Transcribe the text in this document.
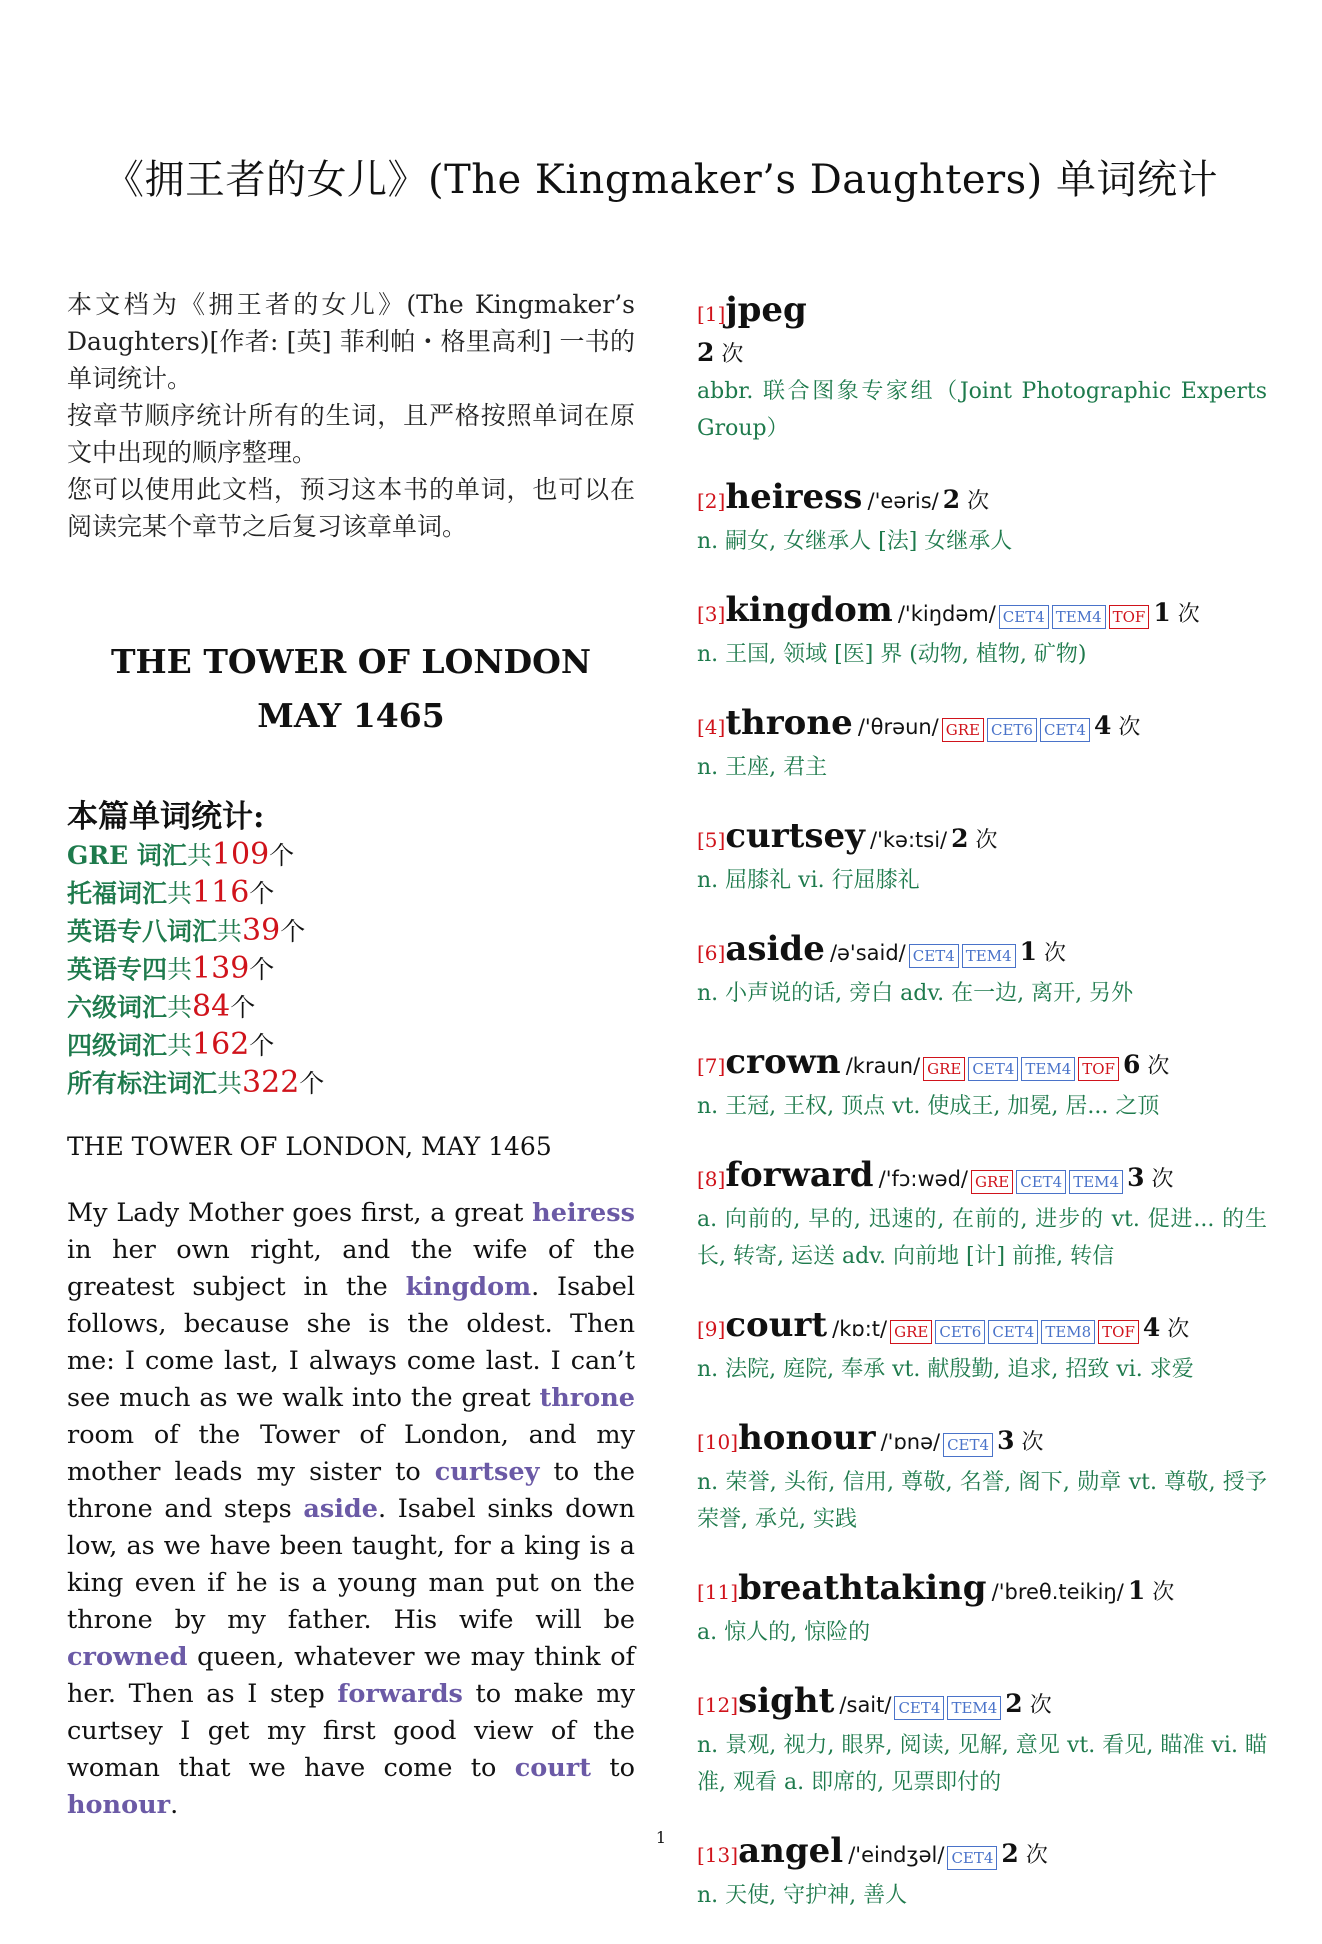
《拥王者的女儿》(The Kingmaker’s Daughters) 单词统计

本文档为《拥王者的女儿》(The Kingmaker’s Daughters)[作者: [英] 菲利帕・格里高利] 一书的单词统计。

按章节顺序统计所有的生词，且严格按照单词在原文中出现的顺序整理。

您可以使用此文档，预习这本书的单词，也可以在阅读完某个章节之后复习该章单词。

THE TOWER OF LONDON MAY 1465
本篇单词统计:
GRE 词汇共109个
托福词汇共116个
英语专八词汇共39个
英语专四共139个
六级词汇共84个
四级词汇共162个
所有标注词汇共322个
THE TOWER OF LONDON, MAY 1465
My Lady Mother goes first, a great heiress in her own right, and the wife of the greatest subject in the kingdom. Isabel follows, because she is the oldest. Then me: I come last, I always come last. I can’t see much as we walk into the great throne room of the Tower of London, and my mother leads my sister to curtsey to the throne and steps aside. Isabel sinks down low, as we have been taught, for a king is a king even if he is a young man put on the throne by my father. His wife will be crowned queen, whatever we may think of her. Then as I step forwards to make my curtsey I get my first good view of the woman that we have come to court to honour.
[1]jpeg
2 次
abbr. 联合图象专家组（Joint Photographic Experts Group）
[2]heiress /'eəris/ 2 次
n. 嗣女, 女继承人 [法] 女继承人
[3]kingdom /'kiŋdəm/ CET4 TEM4 TOF 1 次
n. 王国, 领域 [医] 界 (动物, 植物, 矿物)
[4]throne /'θrəun/ GRE CET6 CET4 4 次
n. 王座, 君主
[5]curtsey /'kə:tsi/ 2 次
n. 屈膝礼 vi. 行屈膝礼
[6]aside /ə'said/ CET4 TEM4 1 次
n. 小声说的话, 旁白 adv. 在一边, 离开, 另外
[7]crown /kraun/ GRE CET4 TEM4 TOF 6 次
n. 王冠, 王权, 顶点 vt. 使成王, 加冕, 居... 之顶
[8]forward /'fɔ:wəd/ GRE CET4 TEM4 3 次
a. 向前的, 早的, 迅速的, 在前的, 进步的 vt. 促进... 的生长, 转寄, 运送 adv. 向前地 [计] 前推, 转信
[9]court /kɒ:t/ GRE CET6 CET4 TEM8 TOF 4 次
n. 法院, 庭院, 奉承 vt. 献殷勤, 追求, 招致 vi. 求爱
[10]honour /'ɒnə/ CET4 3 次
n. 荣誉, 头衔, 信用, 尊敬, 名誉, 阁下, 勋章 vt. 尊敬, 授予荣誉, 承兑, 实践
[11]breathtaking /'breθ.teikiŋ/ 1 次
a. 惊人的, 惊险的
[12]sight /sait/ CET4 TEM4 2 次
n. 景观, 视力, 眼界, 阅读, 见解, 意见 vt. 看见, 瞄准 vi. 瞄准, 观看 a. 即席的, 见票即付的
[13]angel /'eindʒəl/ CET4 2 次
n. 天使, 守护神, 善人
1
